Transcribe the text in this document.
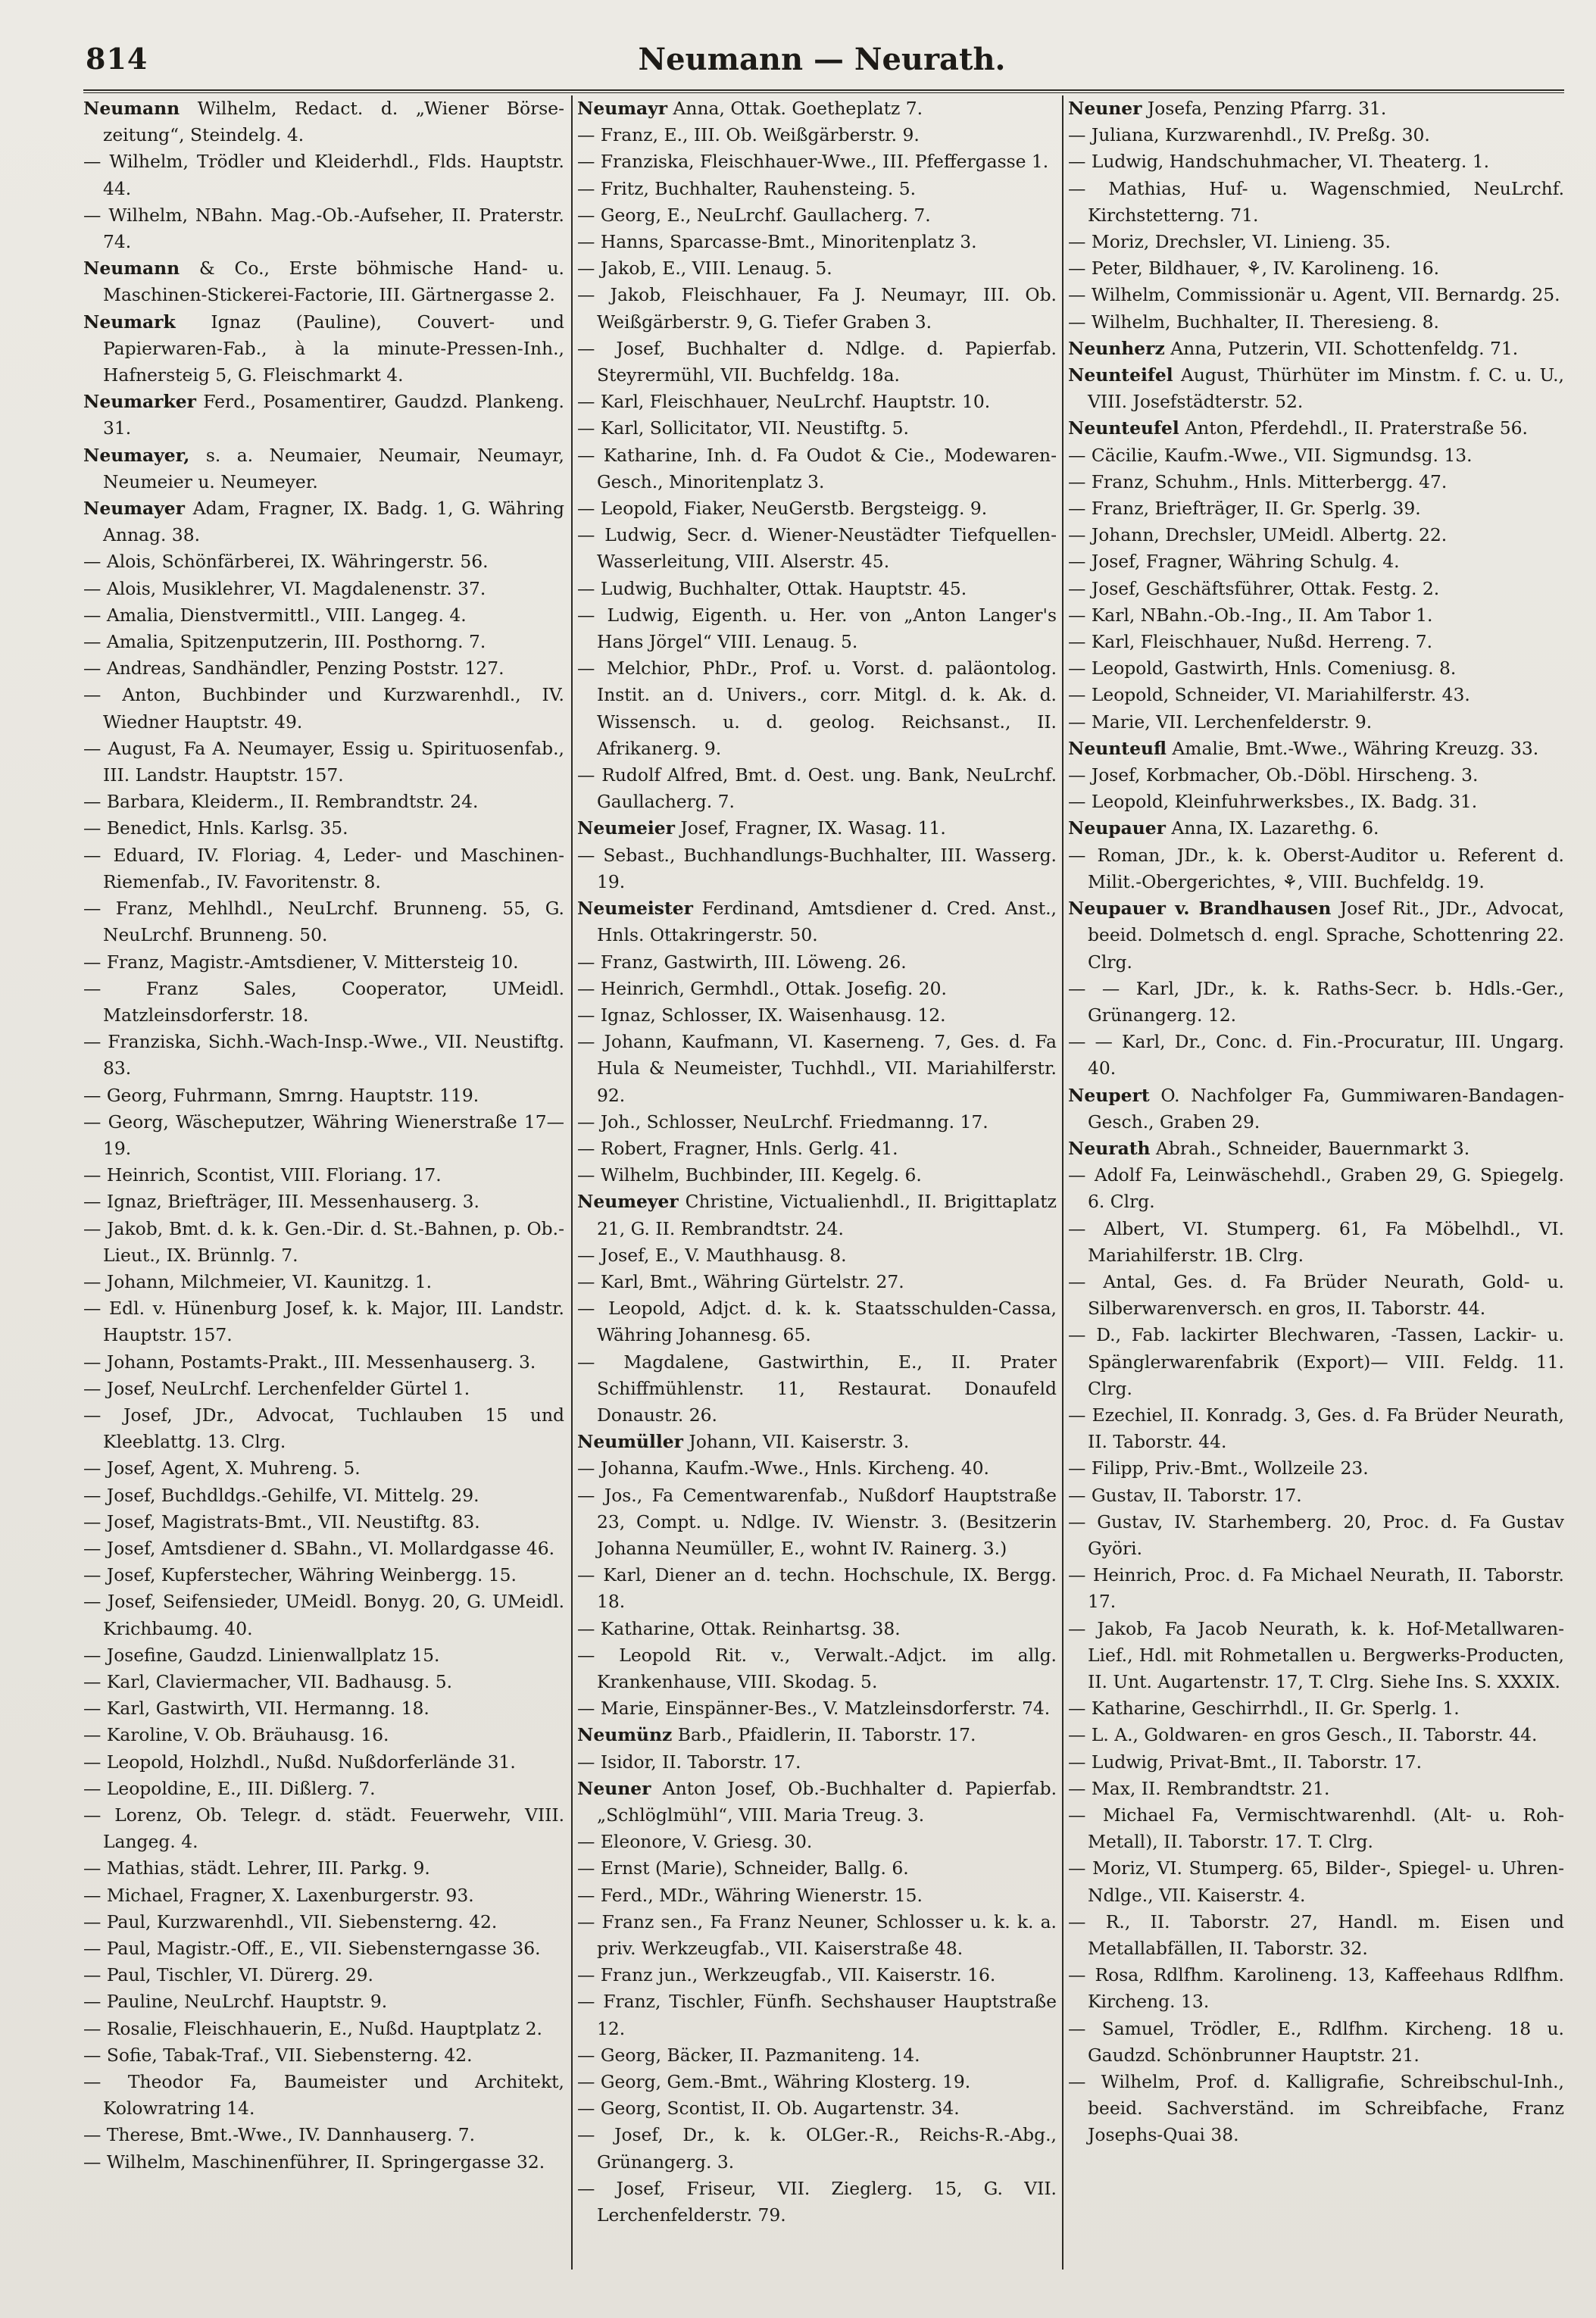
814	Neumann — Neurath.

Neumann Wilhelm, Redact. d. „Wiener Börse-zeitung“, Steindelg. 4.

— Wilhelm, Trödler und Kleiderhdl., Flds. Hauptstr. 44.

— Wilhelm, NBahn. Mag.-Ob.-Aufseher, II. Praterstr. 74.

Neumann & Co., Erste böhmische Hand- u. Maschinen-Stickerei-Factorie, III. Gärtnergasse 2.

Neumark Ignaz (Pauline), Couvert- und Papierwaren-Fab., à la minute-Pressen-Inh., Hafnersteig 5, G. Fleischmarkt 4.

Neumarker Ferd., Posamentirer, Gaudzd. Plankeng. 31.

Neumayer, s. a. Neumaier, Neumair, Neumayr, Neumeier u. Neumeyer.

Neumayer Adam, Fragner, IX. Badg. 1, G. Währing Annag. 38.

— Alois, Schönfärberei, IX. Währingerstr. 56.

— Alois, Musiklehrer, VI. Magdalenenstr. 37.

— Amalia, Dienstvermittl., VIII. Langeg. 4.

— Amalia, Spitzenputzerin, III. Posthorng. 7.

— Andreas, Sandhändler, Penzing Poststr. 127.

— Anton, Buchbinder und Kurzwarenhdl., IV. Wiedner Hauptstr. 49.

— August, Fa A. Neumayer, Essig u. Spirituosenfab., III. Landstr. Hauptstr. 157.

— Barbara, Kleiderm., II. Rembrandtstr. 24.

— Benedict, Hnls. Karlsg. 35.

— Eduard, IV. Floriag. 4, Leder- und Maschinen-Riemenfab., IV. Favoritenstr. 8.

— Franz, Mehlhdl., NeuLrchf. Brunneng. 55, G. NeuLrchf. Brunneng. 50.

— Franz, Magistr.-Amtsdiener, V. Mittersteig 10.

— Franz Sales, Cooperator, UMeidl. Matzleinsdorferstr. 18.

— Franziska, Sichh.-Wach-Insp.-Wwe., VII. Neustiftg. 83.

— Georg, Fuhrmann, Smrng. Hauptstr. 119.

— Georg, Wäscheputzer, Währing Wienerstraße 17—19.

— Heinrich, Scontist, VIII. Floriang. 17.

— Ignaz, Briefträger, III. Messenhauserg. 3.

— Jakob, Bmt. d. k. k. Gen.-Dir. d. St.-Bahnen, p. Ob.-Lieut., IX. Brünnlg. 7.

— Johann, Milchmeier, VI. Kaunitzg. 1.

— Edl. v. Hünenburg Josef, k. k. Major, III. Landstr. Hauptstr. 157.

— Johann, Postamts-Prakt., III. Messenhauserg. 3.

— Josef, NeuLrchf. Lerchenfelder Gürtel 1.

— Josef, JDr., Advocat, Tuchlauben 15 und Kleeblattg. 13. Clrg.

— Josef, Agent, X. Muhreng. 5.

— Josef, Buchdldgs.-Gehilfe, VI. Mittelg. 29.

— Josef, Magistrats-Bmt., VII. Neustiftg. 83.

— Josef, Amtsdiener d. SBahn., VI. Mollardgasse 46.

— Josef, Kupferstecher, Währing Weinbergg. 15.

— Josef, Seifensieder, UMeidl. Bonyg. 20, G. UMeidl. Krichbaumg. 40.

— Josefine, Gaudzd. Linienwallplatz 15.

— Karl, Claviermacher, VII. Badhausg. 5.

— Karl, Gastwirth, VII. Hermanng. 18.

— Karoline, V. Ob. Bräuhausg. 16.

— Leopold, Holzhdl., Nußd. Nußdorferlände 31.

— Leopoldine, E., III. Dißlerg. 7.

— Lorenz, Ob. Telegr. d. städt. Feuerwehr, VIII. Langeg. 4.

— Mathias, städt. Lehrer, III. Parkg. 9.

— Michael, Fragner, X. Laxenburgerstr. 93.

— Paul, Kurzwarenhdl., VII. Siebensterng. 42.

— Paul, Magistr.-Off., E., VII. Siebensterngasse 36.

— Paul, Tischler, VI. Dürerg. 29.

— Pauline, NeuLrchf. Hauptstr. 9.

— Rosalie, Fleischhauerin, E., Nußd. Hauptplatz 2.

— Sofie, Tabak-Traf., VII. Siebensterng. 42.

— Theodor Fa, Baumeister und Architekt, Kolowratring 14.

— Therese, Bmt.-Wwe., IV. Dannhauserg. 7.

— Wilhelm, Maschinenführer, II. Springergasse 32.

Neumayr Anna, Ottak. Goetheplatz 7.

— Franz, E., III. Ob. Weißgärberstr. 9.

— Franziska, Fleischhauer-Wwe., III. Pfeffergasse 1.

— Fritz, Buchhalter, Rauhensteing. 5.

— Georg, E., NeuLrchf. Gaullacherg. 7.

— Hanns, Sparcasse-Bmt., Minoritenplatz 3.

— Jakob, E., VIII. Lenaug. 5.

— Jakob, Fleischhauer, Fa J. Neumayr, III. Ob. Weißgärberstr. 9, G. Tiefer Graben 3.

— Josef, Buchhalter d. Ndlge. d. Papierfab. Steyrermühl, VII. Buchfeldg. 18a.

— Karl, Fleischhauer, NeuLrchf. Hauptstr. 10.

— Karl, Sollicitator, VII. Neustiftg. 5.

— Katharine, Inh. d. Fa Oudot & Cie., Modewaren-Gesch., Minoritenplatz 3.

— Leopold, Fiaker, NeuGerstb. Bergsteigg. 9.

— Ludwig, Secr. d. Wiener-Neustädter Tiefquellen-Wasserleitung, VIII. Alserstr. 45.

— Ludwig, Buchhalter, Ottak. Hauptstr. 45.

— Ludwig, Eigenth. u. Her. von „Anton Langer's Hans Jörgel“ VIII. Lenaug. 5.

— Melchior, PhDr., Prof. u. Vorst. d. paläontolog. Instit. an d. Univers., corr. Mitgl. d. k. Ak. d. Wissensch. u. d. geolog. Reichsanst., II. Afrikanerg. 9.

— Rudolf Alfred, Bmt. d. Oest. ung. Bank, NeuLrchf. Gaullacherg. 7.

Neumeier Josef, Fragner, IX. Wasag. 11.

— Sebast., Buchhandlungs-Buchhalter, III. Wasserg. 19.

Neumeister Ferdinand, Amtsdiener d. Cred. Anst., Hnls. Ottakringerstr. 50.

— Franz, Gastwirth, III. Löweng. 26.

— Heinrich, Germhdl., Ottak. Josefig. 20.

— Ignaz, Schlosser, IX. Waisenhausg. 12.

— Johann, Kaufmann, VI. Kaserneng. 7, Ges. d. Fa Hula & Neumeister, Tuchhdl., VII. Mariahilferstr. 92.

— Joh., Schlosser, NeuLrchf. Friedmanng. 17.

— Robert, Fragner, Hnls. Gerlg. 41.

— Wilhelm, Buchbinder, III. Kegelg. 6.

Neumeyer Christine, Victualienhdl., II. Brigittaplatz 21, G. II. Rembrandtstr. 24.

— Josef, E., V. Mauthhausg. 8.

— Karl, Bmt., Währing Gürtelstr. 27.

— Leopold, Adjct. d. k. k. Staatsschulden-Cassa, Währing Johannesg. 65.

— Magdalene, Gastwirthin, E., II. Prater Schiffmühlenstr. 11, Restaurat. Donaufeld Donaustr. 26.

Neumüller Johann, VII. Kaiserstr. 3.

— Johanna, Kaufm.-Wwe., Hnls. Kircheng. 40.

— Jos., Fa Cementwarenfab., Nußdorf Hauptstraße 23, Compt. u. Ndlge. IV. Wienstr. 3. (Besitzerin Johanna Neumüller, E., wohnt IV. Rainerg. 3.)

— Karl, Diener an d. techn. Hochschule, IX. Bergg. 18.

— Katharine, Ottak. Reinhartsg. 38.

— Leopold Rit. v., Verwalt.-Adjct. im allg. Krankenhause, VIII. Skodag. 5.

— Marie, Einspänner-Bes., V. Matzleinsdorferstr. 74.

Neumünz Barb., Pfaidlerin, II. Taborstr. 17.

— Isidor, II. Taborstr. 17.

Neuner Anton Josef, Ob.-Buchhalter d. Papierfab. „Schlöglmühl“, VIII. Maria Treug. 3.

— Eleonore, V. Griesg. 30.

— Ernst (Marie), Schneider, Ballg. 6.

— Ferd., MDr., Währing Wienerstr. 15.

— Franz sen., Fa Franz Neuner, Schlosser u. k. k. a. priv. Werkzeugfab., VII. Kaiserstraße 48.

— Franz jun., Werkzeugfab., VII. Kaiserstr. 16.

— Franz, Tischler, Fünfh. Sechshauser Hauptstraße 12.

— Georg, Bäcker, II. Pazmaniteng. 14.

— Georg, Gem.-Bmt., Währing Klosterg. 19.

— Georg, Scontist, II. Ob. Augartenstr. 34.

— Josef, Dr., k. k. OLGer.-R., Reichs-R.-Abg., Grünangerg. 3.

— Josef, Friseur, VII. Zieglerg. 15, G. VII. Lerchenfelderstr. 79.

Neuner Josefa, Penzing Pfarrg. 31.

— Juliana, Kurzwarenhdl., IV. Preßg. 30.

— Ludwig, Handschuhmacher, VI. Theaterg. 1.

— Mathias, Huf- u. Wagenschmied, NeuLrchf. Kirchstetterng. 71.

— Moriz, Drechsler, VI. Linieng. 35.

— Peter, Bildhauer, ⚘, IV. Karolineng. 16.

— Wilhelm, Commissionär u. Agent, VII. Bernardg. 25.

— Wilhelm, Buchhalter, II. Theresieng. 8.

Neunherz Anna, Putzerin, VII. Schottenfeldg. 71.

Neunteifel August, Thürhüter im Minstm. f. C. u. U., VIII. Josefstädterstr. 52.

Neunteufel Anton, Pferdehdl., II. Praterstraße 56.

— Cäcilie, Kaufm.-Wwe., VII. Sigmundsg. 13.

— Franz, Schuhm., Hnls. Mitterbergg. 47.

— Franz, Briefträger, II. Gr. Sperlg. 39.

— Johann, Drechsler, UMeidl. Albertg. 22.

— Josef, Fragner, Währing Schulg. 4.

— Josef, Geschäftsführer, Ottak. Festg. 2.

— Karl, NBahn.-Ob.-Ing., II. Am Tabor 1.

— Karl, Fleischhauer, Nußd. Herreng. 7.

— Leopold, Gastwirth, Hnls. Comeniusg. 8.

— Leopold, Schneider, VI. Mariahilferstr. 43.

— Marie, VII. Lerchenfelderstr. 9.

Neunteufl Amalie, Bmt.-Wwe., Währing Kreuzg. 33.

— Josef, Korbmacher, Ob.-Döbl. Hirscheng. 3.

— Leopold, Kleinfuhrwerksbes., IX. Badg. 31.

Neupauer Anna, IX. Lazarethg. 6.

— Roman, JDr., k. k. Oberst-Auditor u. Referent d. Milit.-Obergerichtes, ⚘, VIII. Buchfeldg. 19.

Neupauer v. Brandhausen Josef Rit., JDr., Advocat, beeid. Dolmetsch d. engl. Sprache, Schottenring 22. Clrg.

— — Karl, JDr., k. k. Raths-Secr. b. Hdls.-Ger., Grünangerg. 12.

— — Karl, Dr., Conc. d. Fin.-Procuratur, III. Ungarg. 40.

Neupert O. Nachfolger Fa, Gummiwaren-Bandagen-Gesch., Graben 29.

Neurath Abrah., Schneider, Bauernmarkt 3.

— Adolf Fa, Leinwäschehdl., Graben 29, G. Spiegelg. 6. Clrg.

— Albert, VI. Stumperg. 61, Fa Möbelhdl., VI. Mariahilferstr. 1B. Clrg.

— Antal, Ges. d. Fa Brüder Neurath, Gold- u. Silberwarenversch. en gros, II. Taborstr. 44.

— D., Fab. lackirter Blechwaren, -Tassen, Lackir- u. Spänglerwarenfabrik (Export)— VIII. Feldg. 11. Clrg.

— Ezechiel, II. Konradg. 3, Ges. d. Fa Brüder Neurath, II. Taborstr. 44.

— Filipp, Priv.-Bmt., Wollzeile 23.

— Gustav, II. Taborstr. 17.

— Gustav, IV. Starhemberg. 20, Proc. d. Fa Gustav Györi.

— Heinrich, Proc. d. Fa Michael Neurath, II. Taborstr. 17.

— Jakob, Fa Jacob Neurath, k. k. Hof-Metallwaren-Lief., Hdl. mit Rohmetallen u. Bergwerks-Producten, II. Unt. Augartenstr. 17, T. Clrg. Siehe Ins. S. XXXIX.

— Katharine, Geschirrhdl., II. Gr. Sperlg. 1.

— L. A., Goldwaren- en gros Gesch., II. Taborstr. 44.

— Ludwig, Privat-Bmt., II. Taborstr. 17.

— Max, II. Rembrandtstr. 21.

— Michael Fa, Vermischtwarenhdl. (Alt- u. Roh-Metall), II. Taborstr. 17. T. Clrg.

— Moriz, VI. Stumperg. 65, Bilder-, Spiegel- u. Uhren-Ndlge., VII. Kaiserstr. 4.

— R., II. Taborstr. 27, Handl. m. Eisen und Metallabfällen, II. Taborstr. 32.

— Rosa, Rdlfhm. Karolineng. 13, Kaffeehaus Rdlfhm. Kircheng. 13.

— Samuel, Trödler, E., Rdlfhm. Kircheng. 18 u. Gaudzd. Schönbrunner Hauptstr. 21.

— Wilhelm, Prof. d. Kalligrafie, Schreibschul-Inh., beeid. Sachverständ. im Schreibfache, Franz Josephs-Quai 38.
